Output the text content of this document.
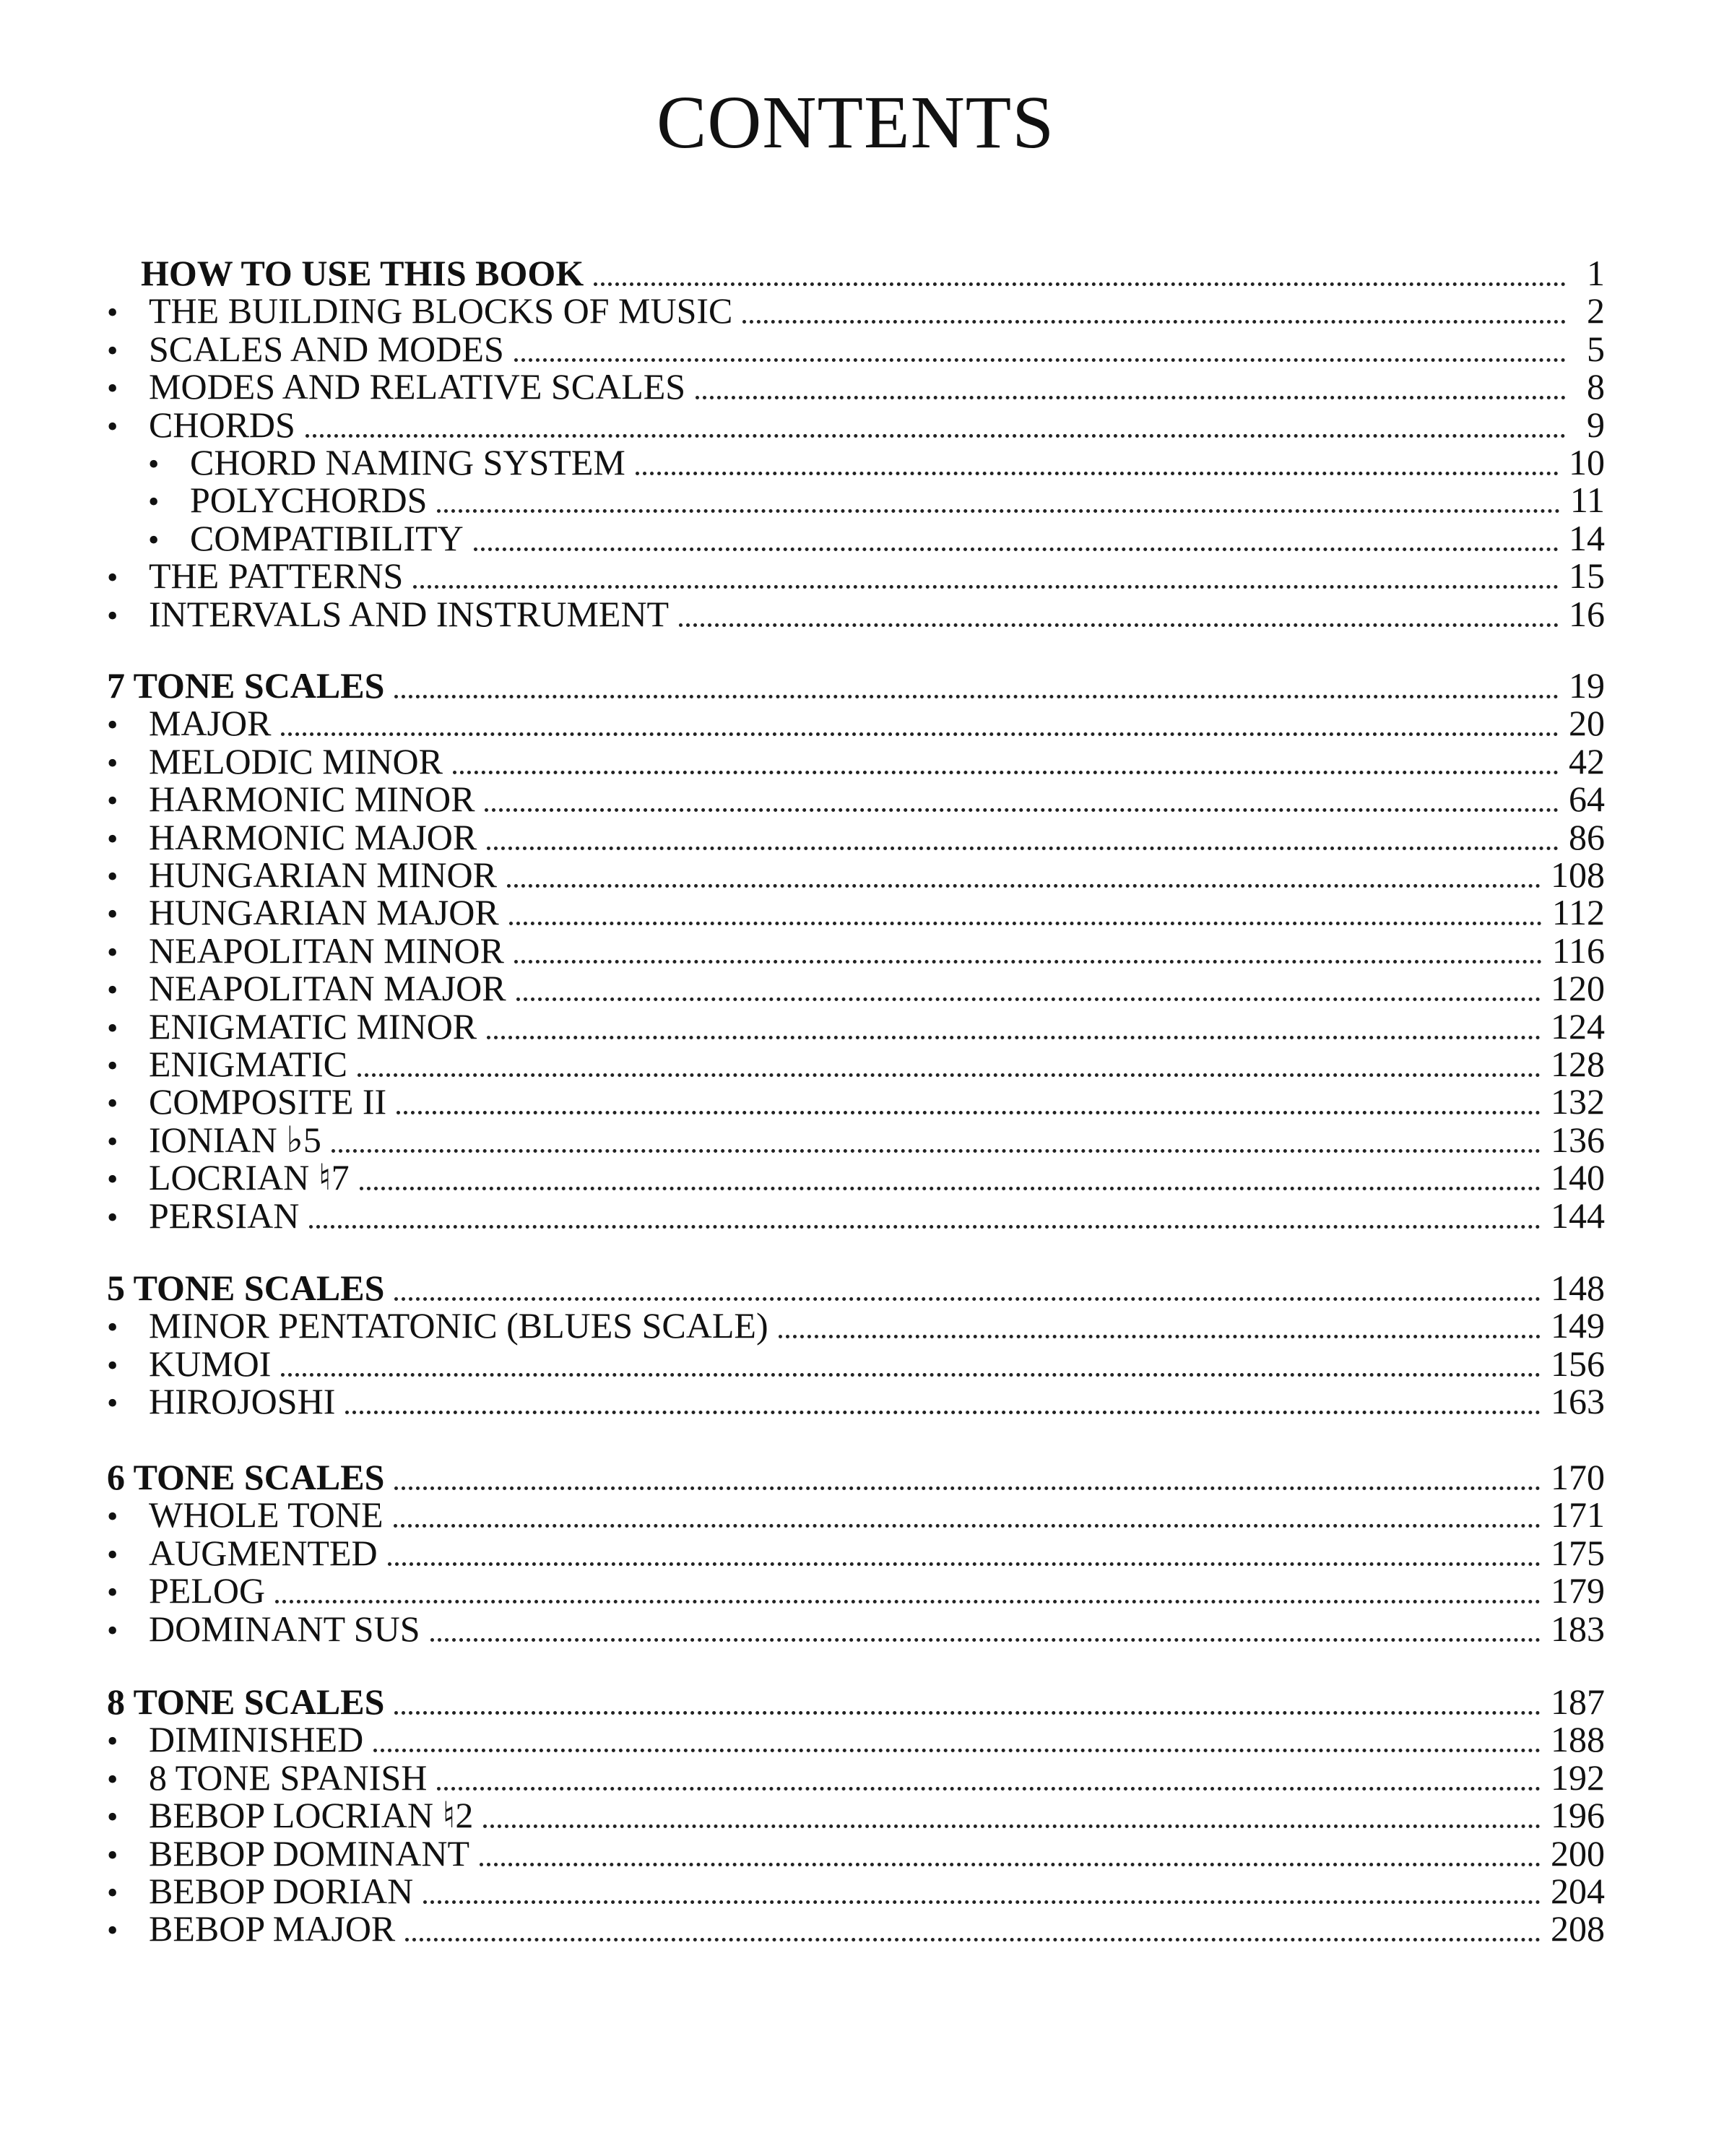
CONTENTS
HOW TO USE THIS BOOK	1
• THE BUILDING BLOCKS OF MUSIC	2
• SCALES AND MODES	5
• MODES AND RELATIVE SCALES	8
• CHORDS	9
• CHORD NAMING SYSTEM	10
• POLYCHORDS	11
• COMPATIBILITY	14
• THE PATTERNS	15
• INTERVALS AND INSTRUMENT	16
7 TONE SCALES	19
• MAJOR	20
• MELODIC MINOR	42
• HARMONIC MINOR	64
• HARMONIC MAJOR	86
• HUNGARIAN MINOR	108
• HUNGARIAN MAJOR	112
• NEAPOLITAN MINOR	116
• NEAPOLITAN MAJOR	120
• ENIGMATIC MINOR	124
• ENIGMATIC	128
• COMPOSITE II	132
• IONIAN ♭5	136
• LOCRIAN ♮7	140
• PERSIAN	144
5 TONE SCALES	148
• MINOR PENTATONIC (BLUES SCALE)	149
• KUMOI	156
• HIROJOSHI	163
6 TONE SCALES	170
• WHOLE TONE	171
• AUGMENTED	175
• PELOG	179
• DOMINANT SUS	183
8 TONE SCALES	187
• DIMINISHED	188
• 8 TONE SPANISH	192
• BEBOP LOCRIAN ♮2	196
• BEBOP DOMINANT	200
• BEBOP DORIAN	204
• BEBOP MAJOR	208
